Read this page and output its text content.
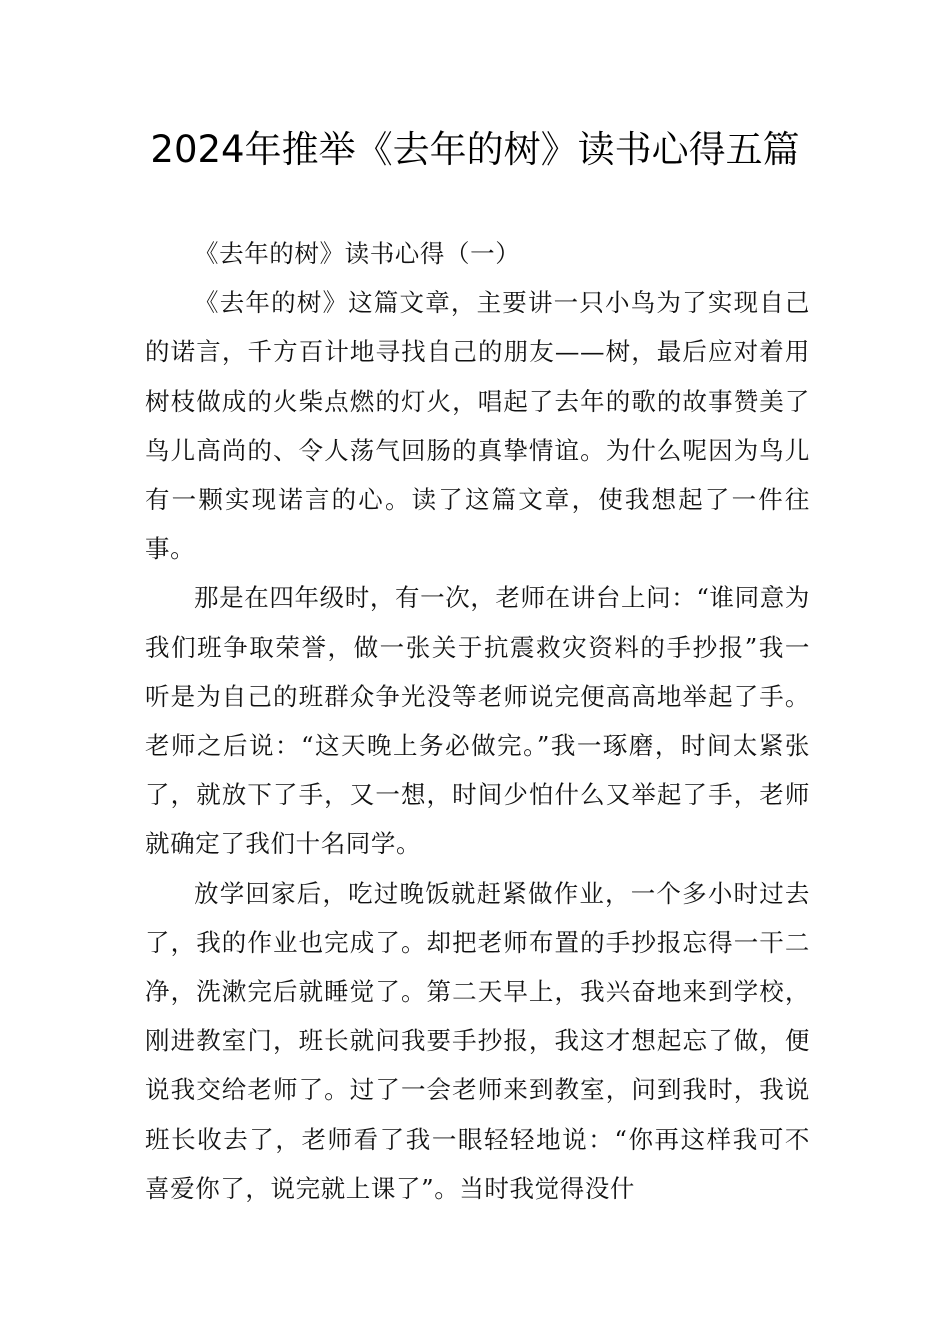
2024年推举《去年的树》读书心得五篇

《去年的树》读书心得（一）

《去年的树》这篇文章，主要讲一只小鸟为了实现自己的诺言，千方百计地寻找自己的朋友——树，最后应对着用树枝做成的火柴点燃的灯火，唱起了去年的歌的故事赞美了鸟儿高尚的、令人荡气回肠的真挚情谊。为什么呢因为鸟儿有一颗实现诺言的心。读了这篇文章，使我想起了一件往事。

那是在四年级时，有一次，老师在讲台上问：“谁同意为我们班争取荣誉，做一张关于抗震救灾资料的手抄报”我一听是为自己的班群众争光没等老师说完便高高地举起了手。老师之后说：“这天晚上务必做完。”我一琢磨，时间太紧张了，就放下了手，又一想，时间少怕什么又举起了手，老师就确定了我们十名同学。

放学回家后，吃过晚饭就赶紧做作业，一个多小时过去了，我的作业也完成了。却把老师布置的手抄报忘得一干二净，洗漱完后就睡觉了。第二天早上，我兴奋地来到学校，刚进教室门，班长就问我要手抄报，我这才想起忘了做，便说我交给老师了。过了一会老师来到教室，问到我时，我说班长收去了，老师看了我一眼轻轻地说：“你再这样我可不喜爱你了，说完就上课了”。当时我觉得没什
